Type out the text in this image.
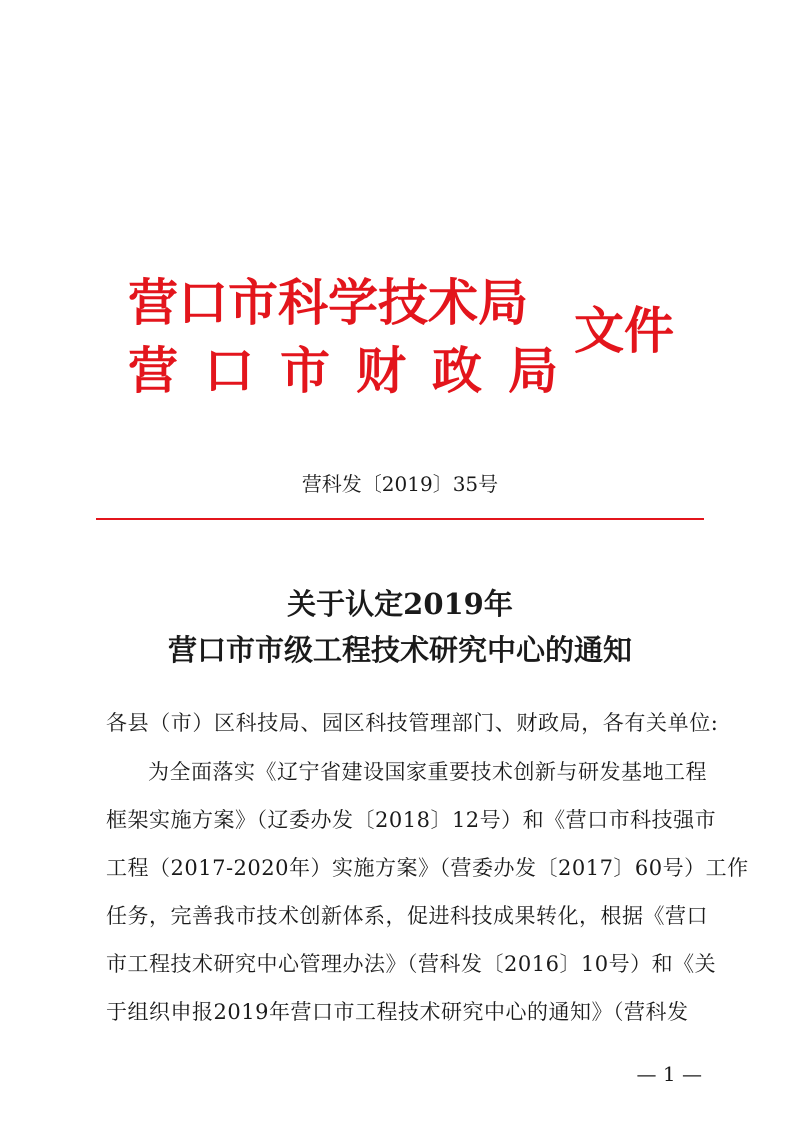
营口市科学技术局
营口市财政局
文件
营科发〔2019〕35号
关于认定2019年
营口市市级工程技术研究中心的通知
各县（市）区科技局、园区科技管理部门、财政局，各有关单位:
为全面落实《辽宁省建设国家重要技术创新与研发基地工程
框架实施方案》（辽委办发〔2018〕12号）和《营口市科技强市
工程（2017-2020年）实施方案》（营委办发〔2017〕60号）工作
任务，完善我市技术创新体系，促进科技成果转化，根据《营口
市工程技术研究中心管理办法》（营科发〔2016〕10号）和《关
于组织申报2019年营口市工程技术研究中心的通知》（营科发
— 1 —
